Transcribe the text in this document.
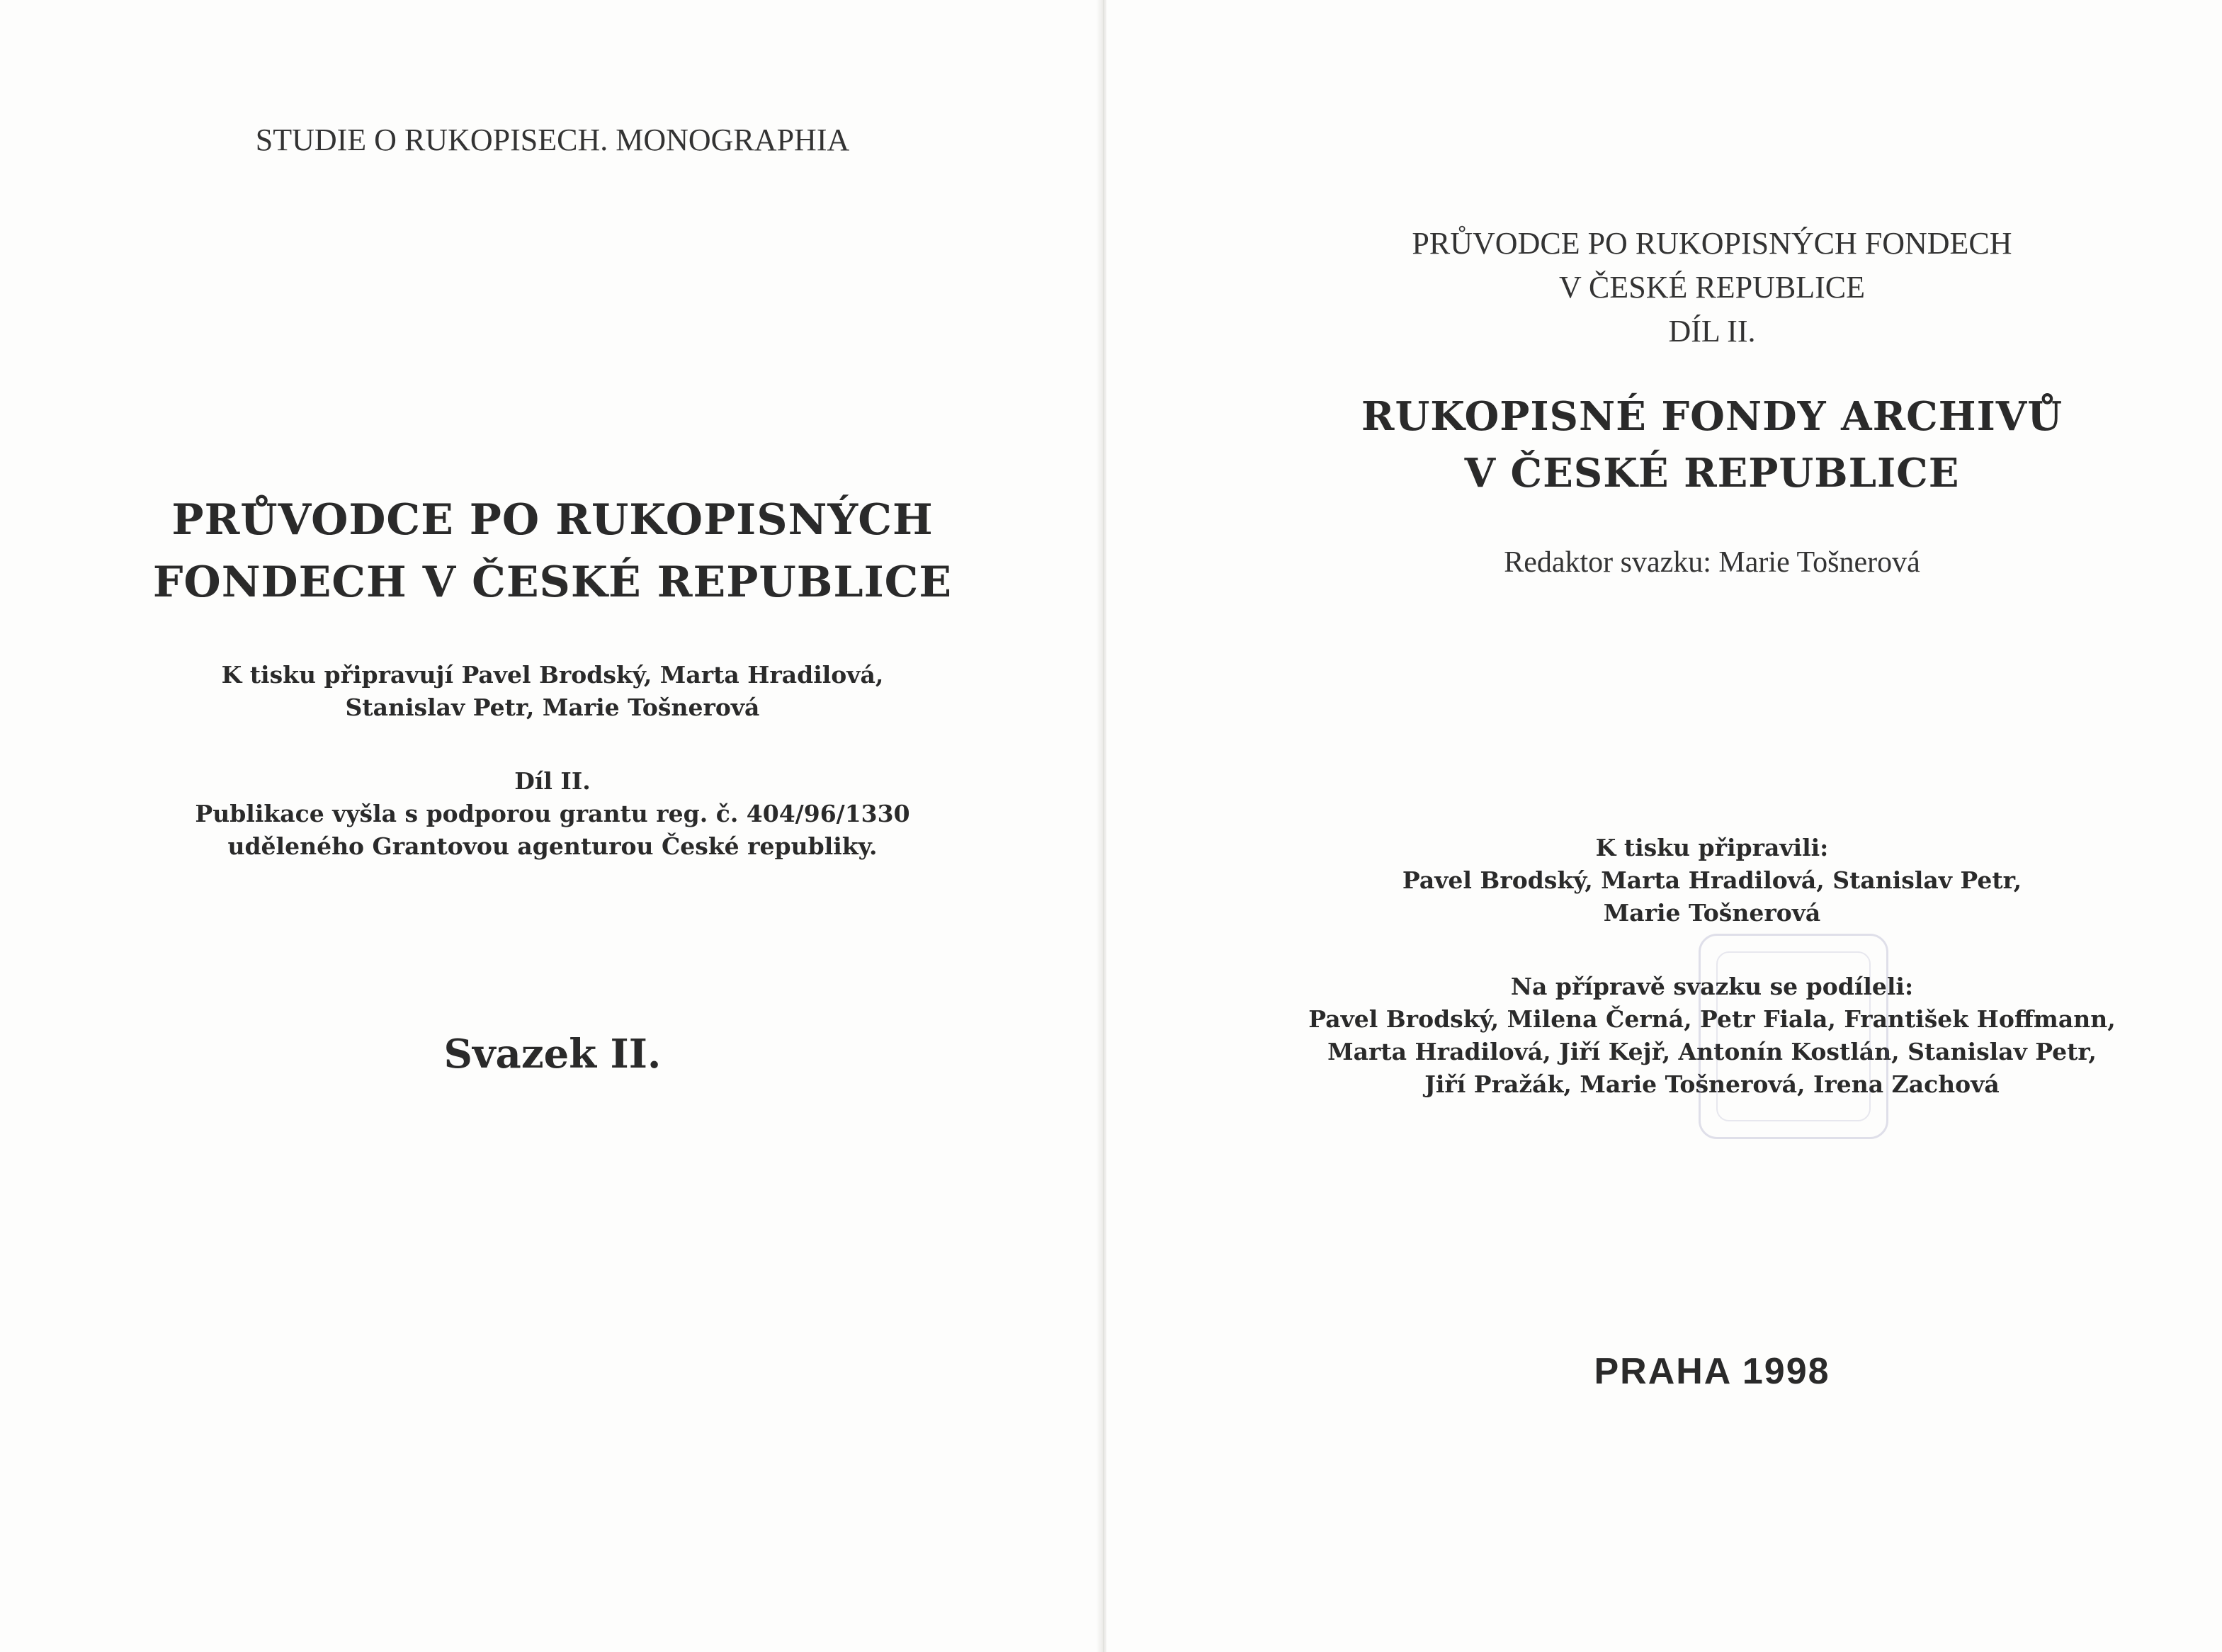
STUDIE O RUKOPISECH. MONOGRAPHIA
PRŮVODCE PO RUKOPISNÝCH
FONDECH V ČESKÉ REPUBLICE
K tisku připravují Pavel Brodský, Marta Hradilová,
Stanislav Petr, Marie Tošnerová
Díl II.
Publikace vyšla s podporou grantu reg. č. 404/96/1330
uděleného Grantovou agenturou České republiky.
Svazek II.
PRŮVODCE PO RUKOPISNÝCH FONDECH
V ČESKÉ REPUBLICE
DÍL II.
RUKOPISNÉ FONDY ARCHIVŮ
V ČESKÉ REPUBLICE
Redaktor svazku: Marie Tošnerová
K tisku připravili:
Pavel Brodský, Marta Hradilová, Stanislav Petr,
Marie Tošnerová
Na přípravě svazku se podíleli:
Pavel Brodský, Milena Černá, Petr Fiala, František Hoffmann,
Marta Hradilová, Jiří Kejř, Antonín Kostlán, Stanislav Petr,
Jiří Pražák, Marie Tošnerová, Irena Zachová
PRAHA 1998
